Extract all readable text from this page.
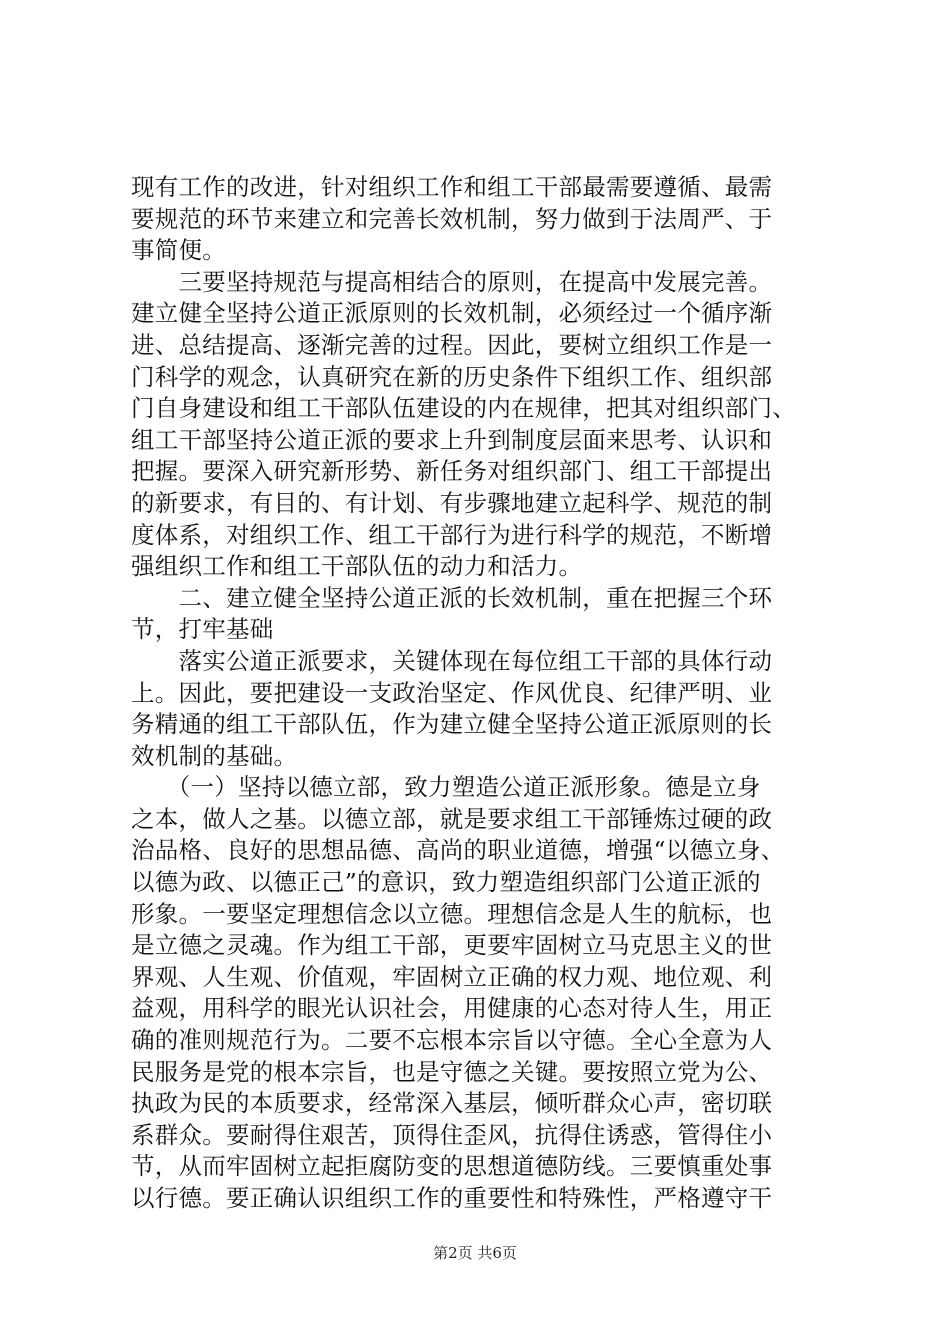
现有工作的改进，针对组织工作和组工干部最需要遵循、最需
要规范的环节来建立和完善长效机制，努力做到于法周严、于
事简便。
　　三要坚持规范与提高相结合的原则，在提高中发展完善。
建立健全坚持公道正派原则的长效机制，必须经过一个循序渐
进、总结提高、逐渐完善的过程。因此，要树立组织工作是一
门科学的观念，认真研究在新的历史条件下组织工作、组织部
门自身建设和组工干部队伍建设的内在规律，把其对组织部门、
组工干部坚持公道正派的要求上升到制度层面来思考、认识和
把握。要深入研究新形势、新任务对组织部门、组工干部提出
的新要求，有目的、有计划、有步骤地建立起科学、规范的制
度体系，对组织工作、组工干部行为进行科学的规范，不断增
强组织工作和组工干部队伍的动力和活力。
　　二、建立健全坚持公道正派的长效机制，重在把握三个环
节，打牢基础
　　落实公道正派要求，关键体现在每位组工干部的具体行动
上。因此，要把建设一支政治坚定、作风优良、纪律严明、业
务精通的组工干部队伍，作为建立健全坚持公道正派原则的长
效机制的基础。
　　（一）坚持以德立部，致力塑造公道正派形象。德是立身
之本，做人之基。以德立部，就是要求组工干部锤炼过硬的政
治品格、良好的思想品德、高尚的职业道德，增强“以德立身、
以德为政、以德正己”的意识，致力塑造组织部门公道正派的
形象。一要坚定理想信念以立德。理想信念是人生的航标，也
是立德之灵魂。作为组工干部，更要牢固树立马克思主义的世
界观、人生观、价值观，牢固树立正确的权力观、地位观、利
益观，用科学的眼光认识社会，用健康的心态对待人生，用正
确的准则规范行为。二要不忘根本宗旨以守德。全心全意为人
民服务是党的根本宗旨，也是守德之关键。要按照立党为公、
执政为民的本质要求，经常深入基层，倾听群众心声，密切联
系群众。要耐得住艰苦，顶得住歪风，抗得住诱惑，管得住小
节，从而牢固树立起拒腐防变的思想道德防线。三要慎重处事
以行德。要正确认识组织工作的重要性和特殊性，严格遵守干
第2页 共6页
